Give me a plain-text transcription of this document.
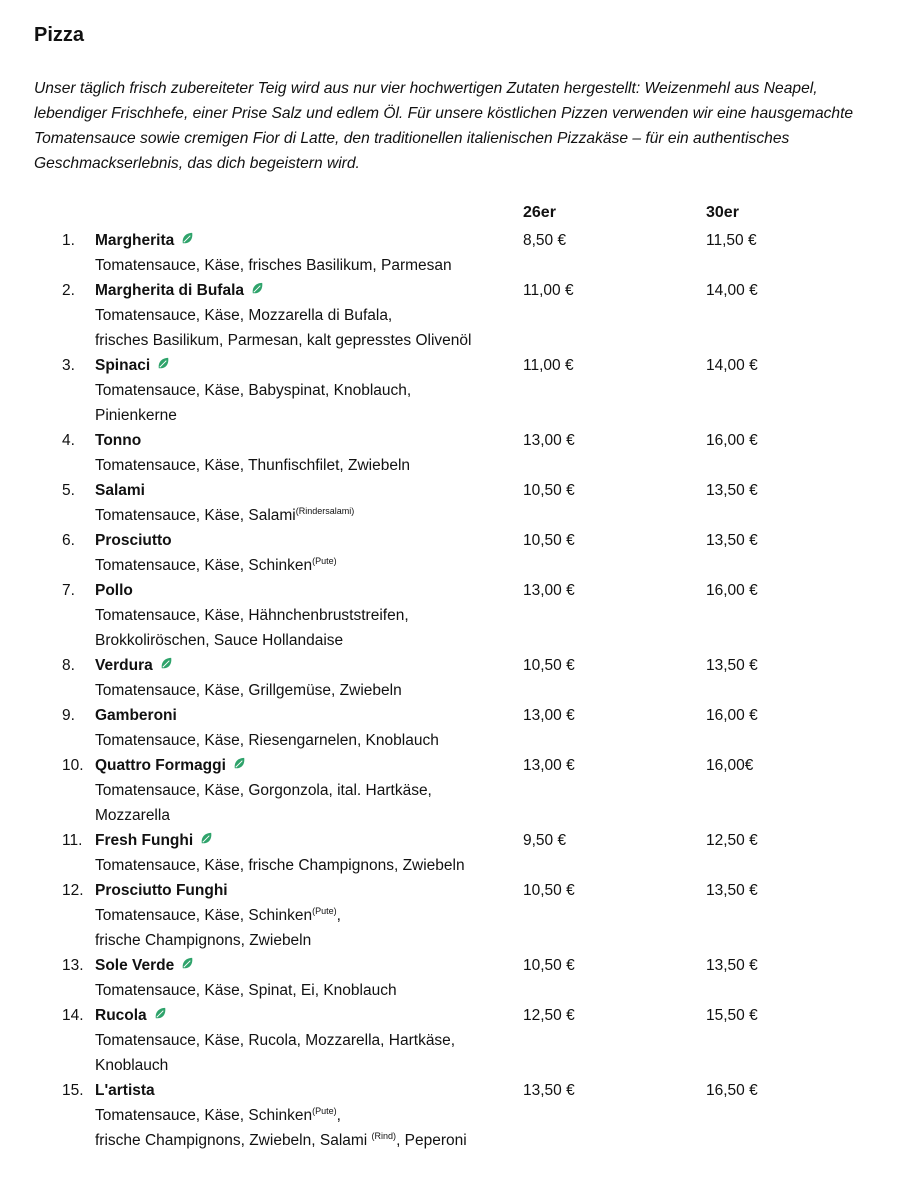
Pizza

Unser täglich frisch zubereiteter Teig wird aus nur vier hochwertigen Zutaten hergestellt: Weizenmehl aus Neapel, lebendiger Frischhefe, einer Prise Salz und edlem Öl. Für unsere köstlichen Pizzen verwenden wir eine hausgemachte Tomatensauce sowie cremigen Fior di Latte, den traditionellen italienischen Pizzakäse – für ein authentisches Geschmackserlebnis, das dich begeistern wird.

26er	30er
1. Margherita
Tomatensauce, Käse, frisches Basilikum, Parmesan
8,50 €	11,50 €
2. Margherita di Bufala
Tomatensauce, Käse, Mozzarella di Bufala,
frisches Basilikum, Parmesan, kalt gepresstes Olivenöl
11,00 €	14,00 €
3. Spinaci
Tomatensauce, Käse, Babyspinat, Knoblauch,
Pinienkerne
11,00 €	14,00 €
4. Tonno
Tomatensauce, Käse, Thunfischfilet, Zwiebeln
13,00 €	16,00 €
5. Salami
Tomatensauce, Käse, Salami$^{(Rindersalami)}$
10,50 €	13,50 €
6. Prosciutto
Tomatensauce, Käse, Schinken$^{(Pute)}$
10,50 €	13,50 €
7. Pollo
Tomatensauce, Käse, Hähnchenbruststreifen,
Brokkoliröschen, Sauce Hollandaise
13,00 €	16,00 €
8. Verdura
Tomatensauce, Käse, Grillgemüse, Zwiebeln
10,50 €	13,50 €
9. Gamberoni
Tomatensauce, Käse, Riesengarnelen, Knoblauch
13,00 €	16,00 €
10. Quattro Formaggi
Tomatensauce, Käse, Gorgonzola, ital. Hartkäse,
Mozzarella
13,00 €	16,00€
11. Fresh Funghi
Tomatensauce, Käse, frische Champignons, Zwiebeln
9,50 €	12,50 €
12. Prosciutto Funghi
Tomatensauce, Käse, Schinken$^{(Pute)}$,
frische Champignons, Zwiebeln
10,50 €	13,50 €
13. Sole Verde
Tomatensauce, Käse, Spinat, Ei, Knoblauch
10,50 €	13,50 €
14. Rucola
Tomatensauce, Käse, Rucola, Mozzarella, Hartkäse,
Knoblauch
12,50 €	15,50 €
15. L'artista
Tomatensauce, Käse, Schinken$^{(Pute)}$,
frische Champignons, Zwiebeln, Salami $^{(Rind)}$, Peperoni
13,50 €	16,50 €
